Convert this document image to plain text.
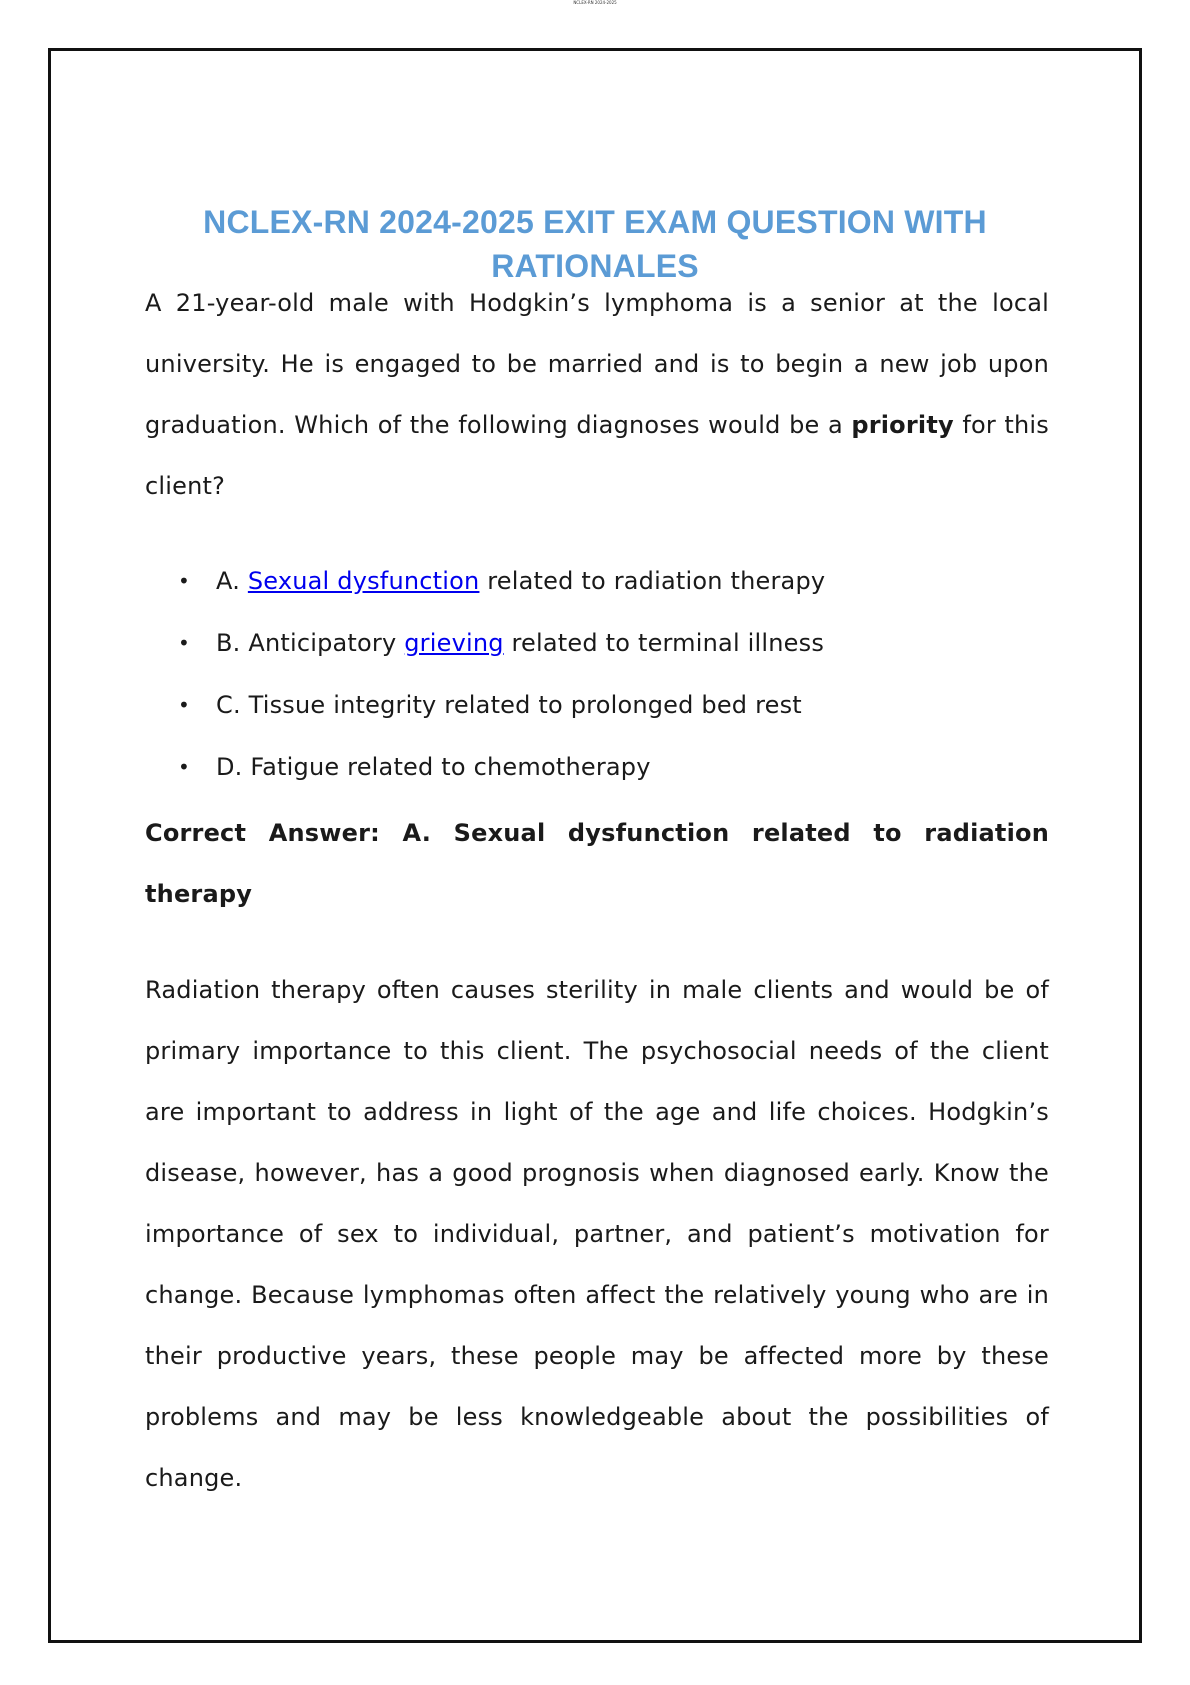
NCLEX-RN 2024-2025
NCLEX-RN 2024-2025 EXIT EXAM QUESTION WITH RATIONALES

A 21-year-old male with Hodgkin’s lymphoma is a senior at the local university. He is engaged to be married and is to begin a new job upon graduation. Which of the following diagnoses would be a priority for this client?

•	A. Sexual dysfunction related to radiation therapy
•	B. Anticipatory grieving related to terminal illness
•	C. Tissue integrity related to prolonged bed rest
•	D. Fatigue related to chemotherapy

Correct Answer: A. Sexual dysfunction related to radiation therapy

Radiation therapy often causes sterility in male clients and would be of primary importance to this client. The psychosocial needs of the client are important to address in light of the age and life choices. Hodgkin’s disease, however, has a good prognosis when diagnosed early. Know the importance of sex to individual, partner, and patient’s motivation for change. Because lymphomas often affect the relatively young who are in their productive years, these people may be affected more by these problems and may be less knowledgeable about the possibilities of change.
